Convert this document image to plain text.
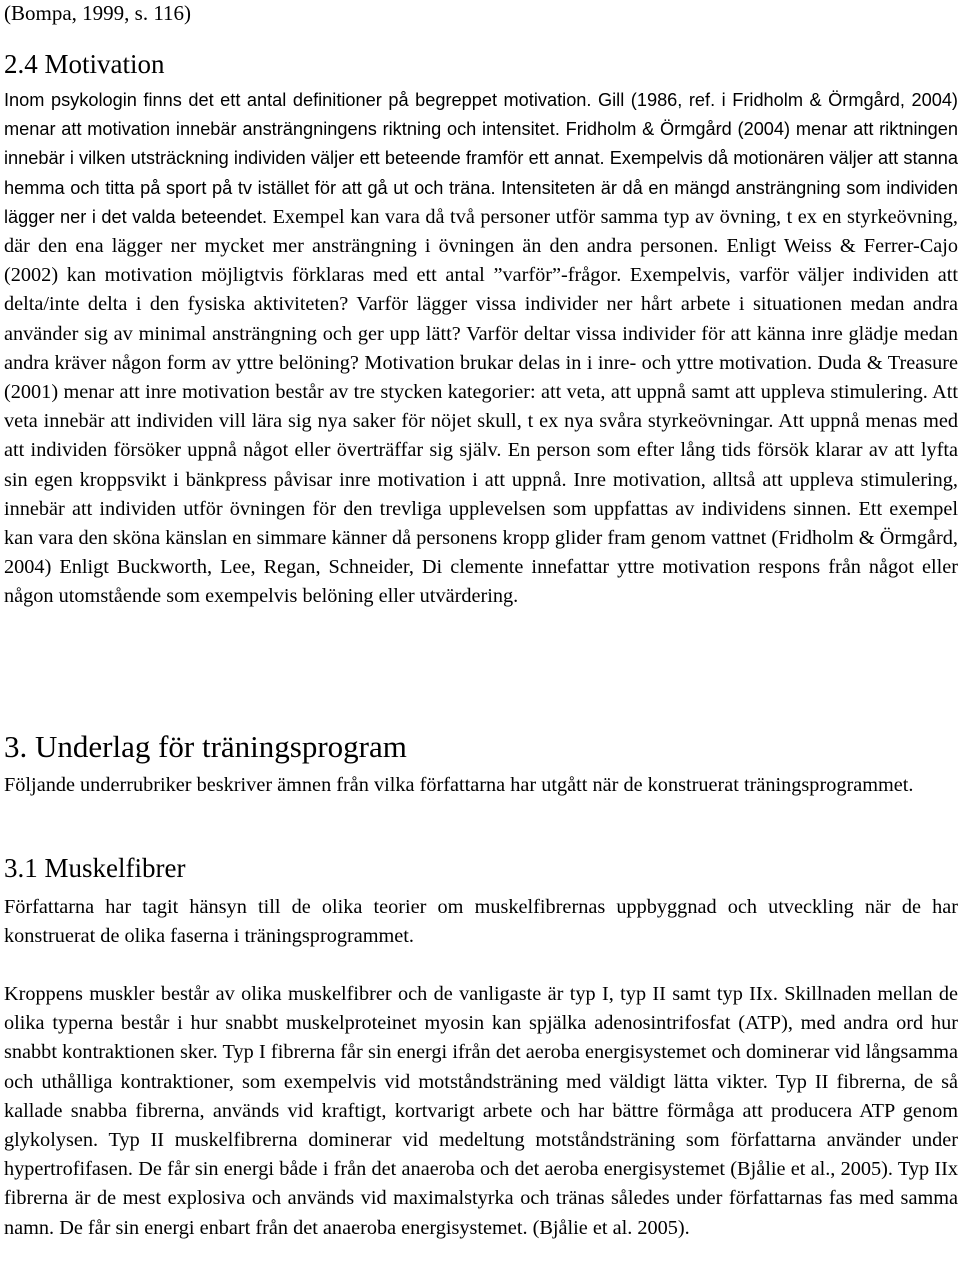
(Bompa, 1999, s. 116)
2.4 Motivation
Inom psykologin finns det ett antal definitioner på begreppet motivation. Gill (1986, ref. i Fridholm & Örmgård, 2004) menar att motivation innebär ansträngningens riktning och intensitet. Fridholm & Örmgård (2004) menar att riktningen innebär i vilken utsträckning individen väljer ett beteende framför ett annat. Exempelvis då motionären väljer att stanna hemma och titta på sport på tv istället för att gå ut och träna. Intensiteten är då en mängd ansträngning som individen lägger ner i det valda beteendet. Exempel kan vara då två personer utför samma typ av övning, t ex en styrkeövning, där den ena lägger ner mycket mer ansträngning i övningen än den andra personen. Enligt Weiss & Ferrer-Cajo (2002) kan motivation möjligtvis förklaras med ett antal ”varför”-frågor. Exempelvis, varför väljer individen att delta/inte delta i den fysiska aktiviteten? Varför lägger vissa individer ner hårt arbete i situationen medan andra använder sig av minimal ansträngning och ger upp lätt? Varför deltar vissa individer för att känna inre glädje medan andra kräver någon form av yttre belöning? Motivation brukar delas in i inre- och yttre motivation. Duda & Treasure (2001) menar att inre motivation består av tre stycken kategorier: att veta, att uppnå samt att uppleva stimulering. Att veta innebär att individen vill lära sig nya saker för nöjet skull, t ex nya svåra styrkeövningar. Att uppnå menas med att individen försöker uppnå något eller överträffar sig själv. En person som efter lång tids försök klarar av att lyfta sin egen kroppsvikt i bänkpress påvisar inre motivation i att uppnå. Inre motivation, alltså att uppleva stimulering, innebär att individen utför övningen för den trevliga upplevelsen som uppfattas av individens sinnen. Ett exempel kan vara den sköna känslan en simmare känner då personens kropp glider fram genom vattnet (Fridholm & Örmgård, 2004) Enligt Buckworth, Lee, Regan, Schneider, Di clemente innefattar yttre motivation respons från något eller någon utomstående som exempelvis belöning eller utvärdering.
3. Underlag för träningsprogram
Följande underrubriker beskriver ämnen från vilka författarna har utgått när de konstruerat träningsprogrammet.
3.1 Muskelfibrer
Författarna har tagit hänsyn till de olika teorier om muskelfibrernas uppbyggnad och utveckling när de har konstruerat de olika faserna i träningsprogrammet.
Kroppens muskler består av olika muskelfibrer och de vanligaste är typ I, typ II samt typ IIx. Skillnaden mellan de olika typerna består i hur snabbt muskelproteinet myosin kan spjälka adenosintrifosfat (ATP), med andra ord hur snabbt kontraktionen sker. Typ I fibrerna får sin energi ifrån det aeroba energisystemet och dominerar vid långsamma och uthålliga kontraktioner, som exempelvis vid motståndsträning med väldigt lätta vikter. Typ II fibrerna, de så kallade snabba fibrerna, används vid kraftigt, kortvarigt arbete och har bättre förmåga att producera ATP genom glykolysen. Typ II muskelfibrerna dominerar vid medeltung motståndsträning som författarna använder under hypertrofifasen. De får sin energi både i från det anaeroba och det aeroba energisystemet (Bjålie et al., 2005). Typ IIx fibrerna är de mest explosiva och används vid maximalstyrka och tränas således under författarnas fas med samma namn. De får sin energi enbart från det anaeroba energisystemet. (Bjålie et al. 2005).
